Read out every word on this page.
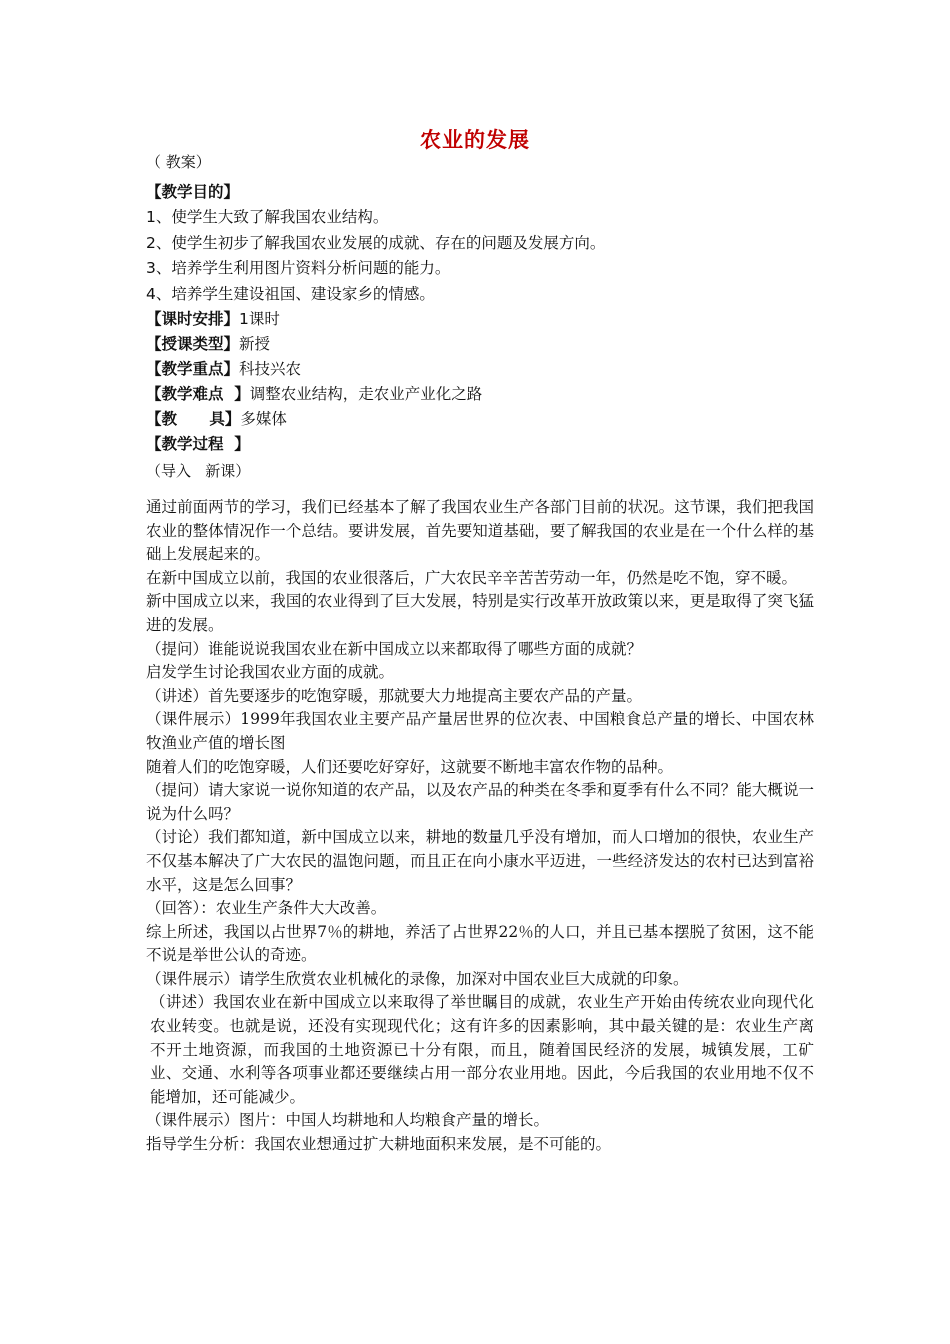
农业的发展
（ 教案）
【教学目的】
1、使学生大致了解我国农业结构。
2、使学生初步了解我国农业发展的成就、存在的问题及发展方向。
3、培养学生利用图片资料分析问题的能力。
4、培养学生建设祖国、建设家乡的情感。
【课时安排】1课时
【授课类型】新授
【教学重点】科技兴农
【教学难点  】调整农业结构，走农业产业化之路
【教      具】多媒体
【教学过程  】
（导入   新课）

通过前面两节的学习，我们已经基本了解了我国农业生产各部门目前的状况。这节课，我们把我国农业的整体情况作一个总结。要讲发展，首先要知道基础，要了解我国的农业是在一个什么样的基础上发展起来的。

在新中国成立以前，我国的农业很落后，广大农民辛辛苦苦劳动一年，仍然是吃不饱，穿不暖。

新中国成立以来，我国的农业得到了巨大发展，特别是实行改革开放政策以来，更是取得了突飞猛进的发展。

（提问）谁能说说我国农业在新中国成立以来都取得了哪些方面的成就？

启发学生讨论我国农业方面的成就。

（讲述）首先要逐步的吃饱穿暖，那就要大力地提高主要农产品的产量。

（课件展示）1999年我国农业主要产品产量居世界的位次表、中国粮食总产量的增长、中国农林牧渔业产值的增长图

随着人们的吃饱穿暖，人们还要吃好穿好，这就要不断地丰富农作物的品种。

（提问）请大家说一说你知道的农产品，以及农产品的种类在冬季和夏季有什么不同？能大概说一说为什么吗？

（讨论）我们都知道，新中国成立以来，耕地的数量几乎没有增加，而人口增加的很快，农业生产不仅基本解决了广大农民的温饱问题，而且正在向小康水平迈进，一些经济发达的农村已达到富裕水平，这是怎么回事？

（回答）：农业生产条件大大改善。

综上所述，我国以占世界7％的耕地，养活了占世界22％的人口，并且已基本摆脱了贫困，这不能不说是举世公认的奇迹。

（课件展示）请学生欣赏农业机械化的录像，加深对中国农业巨大成就的印象。

（讲述）我国农业在新中国成立以来取得了举世瞩目的成就，农业生产开始由传统农业向现代化农业转变。也就是说，还没有实现现代化；这有许多的因素影响，其中最关键的是：农业生产离不开土地资源，而我国的土地资源已十分有限，而且，随着国民经济的发展，城镇发展，工矿业、交通、水利等各项事业都还要继续占用一部分农业用地。因此，今后我国的农业用地不仅不能增加，还可能减少。

（课件展示）图片：中国人均耕地和人均粮食产量的增长。

指导学生分析：我国农业想通过扩大耕地面积来发展，是不可能的。
